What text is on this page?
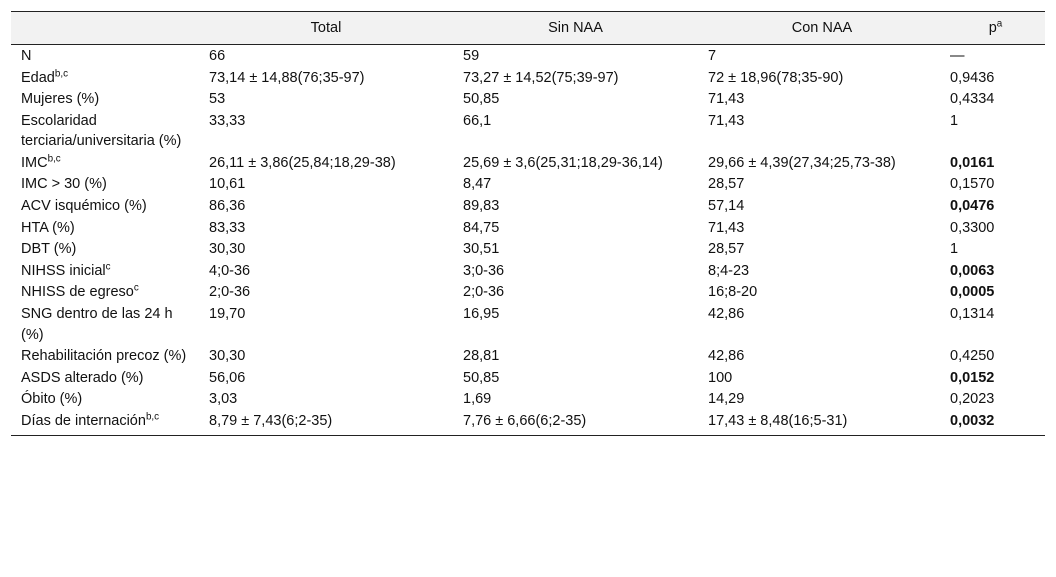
	Total	Sin NAA	Con NAA	$p^a$
N	66	59	7	—
Edad$^{b,c}$	73,14 ± 14,88(76;35-97)	73,27 ± 14,52(75;39-97)	72 ± 18,96(78;35-90)	0,9436
Mujeres (%)	53	50,85	71,43	0,4334
Escolaridad terciaria/universitaria (%)	33,33	66,1	71,43	1
IMC$^{b,c}$	26,11 ± 3,86(25,84;18,29-38)	25,69 ± 3,6(25,31;18,29-36,14)	29,66 ± 4,39(27,34;25,73-38)	0,0161
IMC > 30 (%)	10,61	8,47	28,57	0,1570
ACV isquémico (%)	86,36	89,83	57,14	0,0476
HTA (%)	83,33	84,75	71,43	0,3300
DBT (%)	30,30	30,51	28,57	1
NIHSS inicial$^c$	4;0-36	3;0-36	8;4-23	0,0063
NHISS de egreso$^c$	2;0-36	2;0-36	16;8-20	0,0005
SNG dentro de las 24 h (%)	19,70	16,95	42,86	0,1314
Rehabilitación precoz (%)	30,30	28,81	42,86	0,4250
ASDS alterado (%)	56,06	50,85	100	0,0152
Óbito (%)	3,03	1,69	14,29	0,2023
Días de internación$^{b,c}$	8,79 ± 7,43(6;2-35)	7,76 ± 6,66(6;2-35)	17,43 ± 8,48(16;5-31)	0,0032
